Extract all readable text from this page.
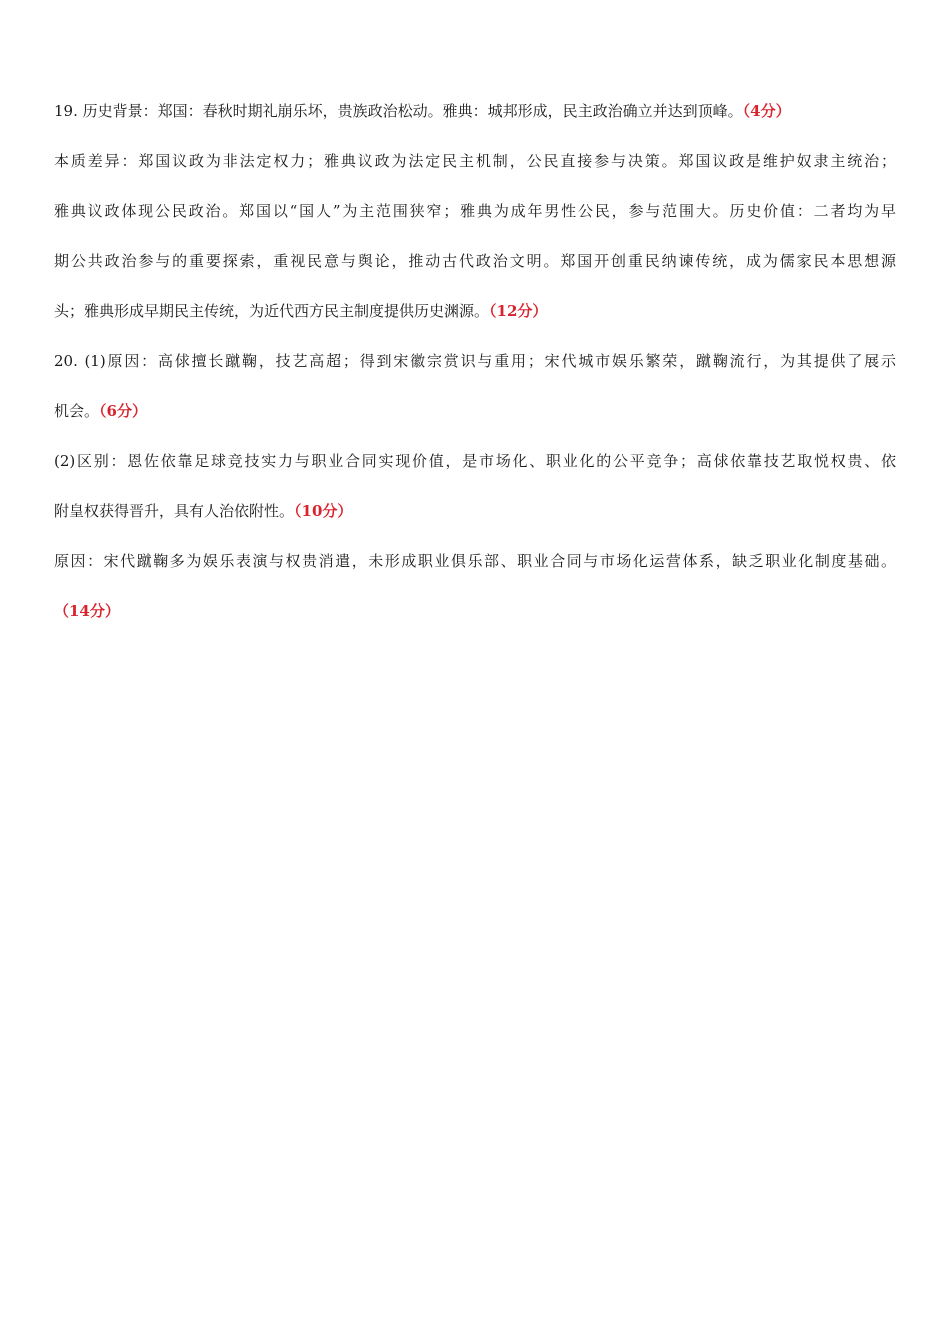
19. 历史背景：郑国：春秋时期礼崩乐坏，贵族政治松动。雅典：城邦形成，民主政治确立并达到顶峰。（4分）
本质差异：郑国议政为非法定权力；雅典议政为法定民主机制，公民直接参与决策。郑国议政是维护奴隶主统治；
雅典议政体现公民政治。郑国以“国人”为主范围狭窄；雅典为成年男性公民，参与范围大。历史价值：二者均为早
期公共政治参与的重要探索，重视民意与舆论，推动古代政治文明。郑国开创重民纳谏传统，成为儒家民本思想源
头；雅典形成早期民主传统，为近代西方民主制度提供历史渊源。（12分）
20. (1)原因：高俅擅长蹴鞠，技艺高超；得到宋徽宗赏识与重用；宋代城市娱乐繁荣，蹴鞠流行，为其提供了展示
机会。（6分）
(2)区别：恩佐依靠足球竞技实力与职业合同实现价值，是市场化、职业化的公平竞争；高俅依靠技艺取悦权贵、依
附皇权获得晋升，具有人治依附性。（10分）
原因：宋代蹴鞠多为娱乐表演与权贵消遣，未形成职业俱乐部、职业合同与市场化运营体系，缺乏职业化制度基础。
（14分）
